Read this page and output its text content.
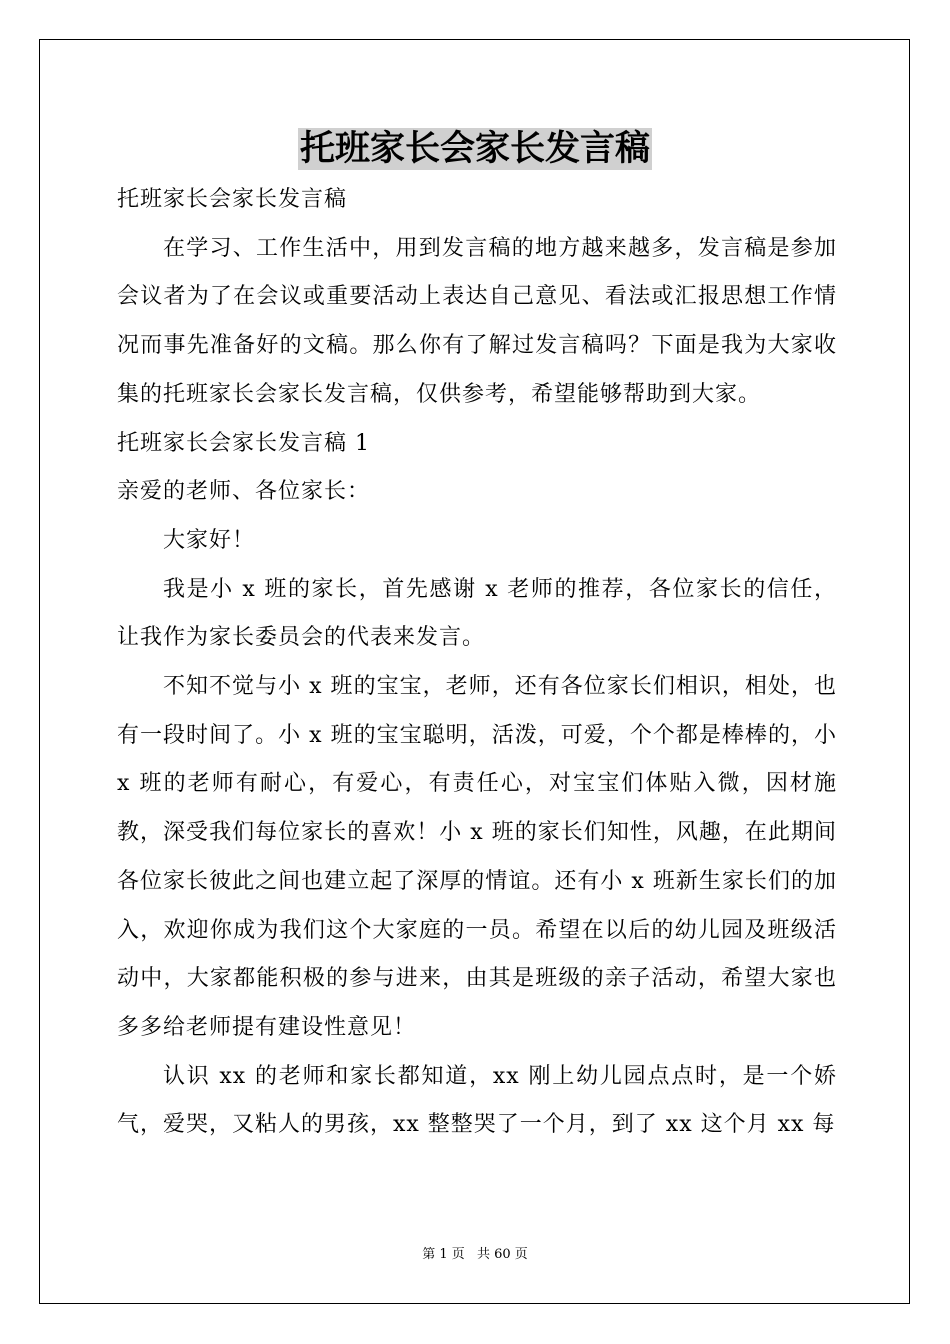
托班家长会家长发言稿

托班家长会家长发言稿

在学习、工作生活中，用到发言稿的地方越来越多，发言稿是参加会议者为了在会议或重要活动上表达自己意见、看法或汇报思想工作情况而事先准备好的文稿。那么你有了解过发言稿吗？下面是我为大家收集的托班家长会家长发言稿，仅供参考，希望能够帮助到大家。

托班家长会家长发言稿 1

亲爱的老师、各位家长：

大家好！

我是小 x 班的家长，首先感谢 x 老师的推荐，各位家长的信任，让我作为家长委员会的代表来发言。

不知不觉与小 x 班的宝宝，老师，还有各位家长们相识，相处，也有一段时间了。小 x 班的宝宝聪明，活泼，可爱，个个都是棒棒的，小 x 班的老师有耐心，有爱心，有责任心，对宝宝们体贴入微，因材施教，深受我们每位家长的喜欢！小 x 班的家长们知性，风趣，在此期间各位家长彼此之间也建立起了深厚的情谊。还有小 x 班新生家长们的加入，欢迎你成为我们这个大家庭的一员。希望在以后的幼儿园及班级活动中，大家都能积极的参与进来，由其是班级的亲子活动，希望大家也多多给老师提有建设性意见！

认识 xx 的老师和家长都知道，xx 刚上幼儿园点点时，是一个娇气，爱哭，又粘人的男孩，xx 整整哭了一个月，到了 xx 这个月 xx 每

第 1 页 共 60 页
